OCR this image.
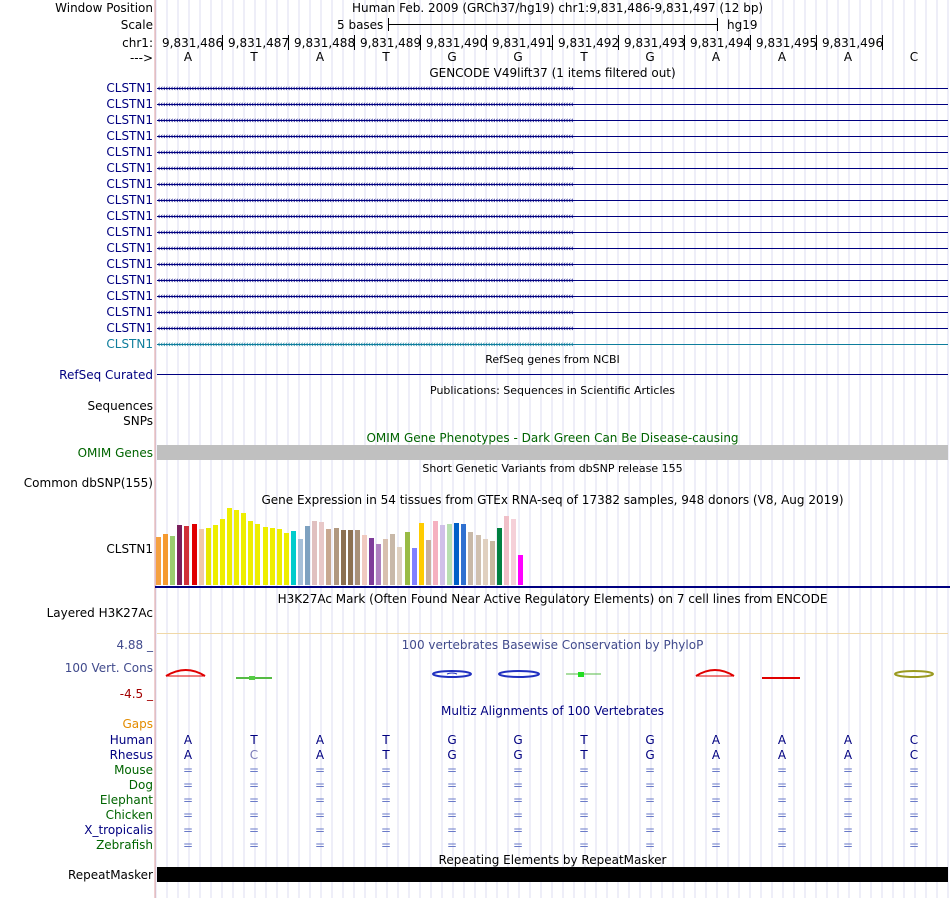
Window Position
Scale
chr1:
--->
Human Feb. 2009 (GRCh37/hg19) chr1:9,831,486-9,831,497 (12 bp)
5 bases	hg19
9,831,486 9,831,487 9,831,488 9,831,489 9,831,490 9,831,491 9,831,492 9,831,493 9,831,494 9,831,495 9,831,496
A	T	A	T	G	G	T	G	A	A	A	C
GENCODE V49lift37 (1 items filtered out)
CLSTN1 ‹‹‹‹‹‹‹‹‹‹‹‹‹‹‹‹‹‹‹‹‹‹‹‹‹‹‹‹‹‹‹‹‹‹‹‹‹‹‹‹‹‹‹‹‹‹‹‹‹‹‹‹‹‹‹‹‹‹‹‹‹‹‹‹‹‹‹‹‹‹‹‹‹‹‹‹‹‹‹‹‹‹‹‹‹‹‹‹‹‹‹‹‹‹‹‹‹‹‹‹‹‹‹‹‹‹‹‹‹‹‹‹‹‹‹‹‹‹‹‹‹‹‹‹‹‹‹‹‹‹‹‹‹‹‹‹‹‹‹‹‹‹‹‹‹‹‹‹‹‹‹‹‹‹‹‹‹‹‹‹
CLSTN1 ‹‹‹‹‹‹‹‹‹‹‹‹‹‹‹‹‹‹‹‹‹‹‹‹‹‹‹‹‹‹‹‹‹‹‹‹‹‹‹‹‹‹‹‹‹‹‹‹‹‹‹‹‹‹‹‹‹‹‹‹‹‹‹‹‹‹‹‹‹‹‹‹‹‹‹‹‹‹‹‹‹‹‹‹‹‹‹‹‹‹‹‹‹‹‹‹‹‹‹‹‹‹‹‹‹‹‹‹‹‹‹‹‹‹‹‹‹‹‹‹‹‹‹‹‹‹‹‹‹‹‹‹‹‹‹‹‹‹‹‹‹‹‹‹‹‹‹‹‹‹‹‹‹‹‹‹‹‹‹‹
CLSTN1 ‹‹‹‹‹‹‹‹‹‹‹‹‹‹‹‹‹‹‹‹‹‹‹‹‹‹‹‹‹‹‹‹‹‹‹‹‹‹‹‹‹‹‹‹‹‹‹‹‹‹‹‹‹‹‹‹‹‹‹‹‹‹‹‹‹‹‹‹‹‹‹‹‹‹‹‹‹‹‹‹‹‹‹‹‹‹‹‹‹‹‹‹‹‹‹‹‹‹‹‹‹‹‹‹‹‹‹‹‹‹‹‹‹‹‹‹‹‹‹‹‹‹‹‹‹‹‹‹‹‹‹‹‹‹‹‹‹‹‹‹‹‹‹‹‹‹‹‹‹‹‹‹‹‹‹‹‹‹‹‹
CLSTN1 ‹‹‹‹‹‹‹‹‹‹‹‹‹‹‹‹‹‹‹‹‹‹‹‹‹‹‹‹‹‹‹‹‹‹‹‹‹‹‹‹‹‹‹‹‹‹‹‹‹‹‹‹‹‹‹‹‹‹‹‹‹‹‹‹‹‹‹‹‹‹‹‹‹‹‹‹‹‹‹‹‹‹‹‹‹‹‹‹‹‹‹‹‹‹‹‹‹‹‹‹‹‹‹‹‹‹‹‹‹‹‹‹‹‹‹‹‹‹‹‹‹‹‹‹‹‹‹‹‹‹‹‹‹‹‹‹‹‹‹‹‹‹‹‹‹‹‹‹‹‹‹‹‹‹‹‹‹‹‹‹
CLSTN1 ‹‹‹‹‹‹‹‹‹‹‹‹‹‹‹‹‹‹‹‹‹‹‹‹‹‹‹‹‹‹‹‹‹‹‹‹‹‹‹‹‹‹‹‹‹‹‹‹‹‹‹‹‹‹‹‹‹‹‹‹‹‹‹‹‹‹‹‹‹‹‹‹‹‹‹‹‹‹‹‹‹‹‹‹‹‹‹‹‹‹‹‹‹‹‹‹‹‹‹‹‹‹‹‹‹‹‹‹‹‹‹‹‹‹‹‹‹‹‹‹‹‹‹‹‹‹‹‹‹‹‹‹‹‹‹‹‹‹‹‹‹‹‹‹‹‹‹‹‹‹‹‹‹‹‹‹‹‹‹‹
CLSTN1 ‹‹‹‹‹‹‹‹‹‹‹‹‹‹‹‹‹‹‹‹‹‹‹‹‹‹‹‹‹‹‹‹‹‹‹‹‹‹‹‹‹‹‹‹‹‹‹‹‹‹‹‹‹‹‹‹‹‹‹‹‹‹‹‹‹‹‹‹‹‹‹‹‹‹‹‹‹‹‹‹‹‹‹‹‹‹‹‹‹‹‹‹‹‹‹‹‹‹‹‹‹‹‹‹‹‹‹‹‹‹‹‹‹‹‹‹‹‹‹‹‹‹‹‹‹‹‹‹‹‹‹‹‹‹‹‹‹‹‹‹‹‹‹‹‹‹‹‹‹‹‹‹‹‹‹‹‹‹‹‹
CLSTN1 ‹‹‹‹‹‹‹‹‹‹‹‹‹‹‹‹‹‹‹‹‹‹‹‹‹‹‹‹‹‹‹‹‹‹‹‹‹‹‹‹‹‹‹‹‹‹‹‹‹‹‹‹‹‹‹‹‹‹‹‹‹‹‹‹‹‹‹‹‹‹‹‹‹‹‹‹‹‹‹‹‹‹‹‹‹‹‹‹‹‹‹‹‹‹‹‹‹‹‹‹‹‹‹‹‹‹‹‹‹‹‹‹‹‹‹‹‹‹‹‹‹‹‹‹‹‹‹‹‹‹‹‹‹‹‹‹‹‹‹‹‹‹‹‹‹‹‹‹‹‹‹‹‹‹‹‹‹‹‹‹
CLSTN1 ‹‹‹‹‹‹‹‹‹‹‹‹‹‹‹‹‹‹‹‹‹‹‹‹‹‹‹‹‹‹‹‹‹‹‹‹‹‹‹‹‹‹‹‹‹‹‹‹‹‹‹‹‹‹‹‹‹‹‹‹‹‹‹‹‹‹‹‹‹‹‹‹‹‹‹‹‹‹‹‹‹‹‹‹‹‹‹‹‹‹‹‹‹‹‹‹‹‹‹‹‹‹‹‹‹‹‹‹‹‹‹‹‹‹‹‹‹‹‹‹‹‹‹‹‹‹‹‹‹‹‹‹‹‹‹‹‹‹‹‹‹‹‹‹‹‹‹‹‹‹‹‹‹‹‹‹‹‹‹‹
CLSTN1 ‹‹‹‹‹‹‹‹‹‹‹‹‹‹‹‹‹‹‹‹‹‹‹‹‹‹‹‹‹‹‹‹‹‹‹‹‹‹‹‹‹‹‹‹‹‹‹‹‹‹‹‹‹‹‹‹‹‹‹‹‹‹‹‹‹‹‹‹‹‹‹‹‹‹‹‹‹‹‹‹‹‹‹‹‹‹‹‹‹‹‹‹‹‹‹‹‹‹‹‹‹‹‹‹‹‹‹‹‹‹‹‹‹‹‹‹‹‹‹‹‹‹‹‹‹‹‹‹‹‹‹‹‹‹‹‹‹‹‹‹‹‹‹‹‹‹‹‹‹‹‹‹‹‹‹‹‹‹‹‹
CLSTN1 ‹‹‹‹‹‹‹‹‹‹‹‹‹‹‹‹‹‹‹‹‹‹‹‹‹‹‹‹‹‹‹‹‹‹‹‹‹‹‹‹‹‹‹‹‹‹‹‹‹‹‹‹‹‹‹‹‹‹‹‹‹‹‹‹‹‹‹‹‹‹‹‹‹‹‹‹‹‹‹‹‹‹‹‹‹‹‹‹‹‹‹‹‹‹‹‹‹‹‹‹‹‹‹‹‹‹‹‹‹‹‹‹‹‹‹‹‹‹‹‹‹‹‹‹‹‹‹‹‹‹‹‹‹‹‹‹‹‹‹‹‹‹‹‹‹‹‹‹‹‹‹‹‹‹‹‹‹‹‹‹
CLSTN1 ‹‹‹‹‹‹‹‹‹‹‹‹‹‹‹‹‹‹‹‹‹‹‹‹‹‹‹‹‹‹‹‹‹‹‹‹‹‹‹‹‹‹‹‹‹‹‹‹‹‹‹‹‹‹‹‹‹‹‹‹‹‹‹‹‹‹‹‹‹‹‹‹‹‹‹‹‹‹‹‹‹‹‹‹‹‹‹‹‹‹‹‹‹‹‹‹‹‹‹‹‹‹‹‹‹‹‹‹‹‹‹‹‹‹‹‹‹‹‹‹‹‹‹‹‹‹‹‹‹‹‹‹‹‹‹‹‹‹‹‹‹‹‹‹‹‹‹‹‹‹‹‹‹‹‹‹‹‹‹‹
CLSTN1 ‹‹‹‹‹‹‹‹‹‹‹‹‹‹‹‹‹‹‹‹‹‹‹‹‹‹‹‹‹‹‹‹‹‹‹‹‹‹‹‹‹‹‹‹‹‹‹‹‹‹‹‹‹‹‹‹‹‹‹‹‹‹‹‹‹‹‹‹‹‹‹‹‹‹‹‹‹‹‹‹‹‹‹‹‹‹‹‹‹‹‹‹‹‹‹‹‹‹‹‹‹‹‹‹‹‹‹‹‹‹‹‹‹‹‹‹‹‹‹‹‹‹‹‹‹‹‹‹‹‹‹‹‹‹‹‹‹‹‹‹‹‹‹‹‹‹‹‹‹‹‹‹‹‹‹‹‹‹‹‹
CLSTN1 ‹‹‹‹‹‹‹‹‹‹‹‹‹‹‹‹‹‹‹‹‹‹‹‹‹‹‹‹‹‹‹‹‹‹‹‹‹‹‹‹‹‹‹‹‹‹‹‹‹‹‹‹‹‹‹‹‹‹‹‹‹‹‹‹‹‹‹‹‹‹‹‹‹‹‹‹‹‹‹‹‹‹‹‹‹‹‹‹‹‹‹‹‹‹‹‹‹‹‹‹‹‹‹‹‹‹‹‹‹‹‹‹‹‹‹‹‹‹‹‹‹‹‹‹‹‹‹‹‹‹‹‹‹‹‹‹‹‹‹‹‹‹‹‹‹‹‹‹‹‹‹‹‹‹‹‹‹‹‹‹
CLSTN1 ‹‹‹‹‹‹‹‹‹‹‹‹‹‹‹‹‹‹‹‹‹‹‹‹‹‹‹‹‹‹‹‹‹‹‹‹‹‹‹‹‹‹‹‹‹‹‹‹‹‹‹‹‹‹‹‹‹‹‹‹‹‹‹‹‹‹‹‹‹‹‹‹‹‹‹‹‹‹‹‹‹‹‹‹‹‹‹‹‹‹‹‹‹‹‹‹‹‹‹‹‹‹‹‹‹‹‹‹‹‹‹‹‹‹‹‹‹‹‹‹‹‹‹‹‹‹‹‹‹‹‹‹‹‹‹‹‹‹‹‹‹‹‹‹‹‹‹‹‹‹‹‹‹‹‹‹‹‹‹‹
CLSTN1 ‹‹‹‹‹‹‹‹‹‹‹‹‹‹‹‹‹‹‹‹‹‹‹‹‹‹‹‹‹‹‹‹‹‹‹‹‹‹‹‹‹‹‹‹‹‹‹‹‹‹‹‹‹‹‹‹‹‹‹‹‹‹‹‹‹‹‹‹‹‹‹‹‹‹‹‹‹‹‹‹‹‹‹‹‹‹‹‹‹‹‹‹‹‹‹‹‹‹‹‹‹‹‹‹‹‹‹‹‹‹‹‹‹‹‹‹‹‹‹‹‹‹‹‹‹‹‹‹‹‹‹‹‹‹‹‹‹‹‹‹‹‹‹‹‹‹‹‹‹‹‹‹‹‹‹‹‹‹‹‹
CLSTN1 ‹‹‹‹‹‹‹‹‹‹‹‹‹‹‹‹‹‹‹‹‹‹‹‹‹‹‹‹‹‹‹‹‹‹‹‹‹‹‹‹‹‹‹‹‹‹‹‹‹‹‹‹‹‹‹‹‹‹‹‹‹‹‹‹‹‹‹‹‹‹‹‹‹‹‹‹‹‹‹‹‹‹‹‹‹‹‹‹‹‹‹‹‹‹‹‹‹‹‹‹‹‹‹‹‹‹‹‹‹‹‹‹‹‹‹‹‹‹‹‹‹‹‹‹‹‹‹‹‹‹‹‹‹‹‹‹‹‹‹‹‹‹‹‹‹‹‹‹‹‹‹‹‹‹‹‹‹‹‹‹
CLSTN1 ‹‹‹‹‹‹‹‹‹‹‹‹‹‹‹‹‹‹‹‹‹‹‹‹‹‹‹‹‹‹‹‹‹‹‹‹‹‹‹‹‹‹‹‹‹‹‹‹‹‹‹‹‹‹‹‹‹‹‹‹‹‹‹‹‹‹‹‹‹‹‹‹‹‹‹‹‹‹‹‹‹‹‹‹‹‹‹‹‹‹‹‹‹‹‹‹‹‹‹‹‹‹‹‹‹‹‹‹‹‹‹‹‹‹‹‹‹‹‹‹‹‹‹‹‹‹‹‹‹‹‹‹‹‹‹‹‹‹‹‹‹‹‹‹‹‹‹‹‹‹‹‹‹‹‹‹‹‹‹‹
RefSeq genes from NCBI
RefSeq Curated
Publications: Sequences in Scientific Articles
Sequences
SNPs
OMIM Gene Phenotypes - Dark Green Can Be Disease-causing
OMIM Genes
Short Genetic Variants from dbSNP release 155
Common dbSNP(155)
Gene Expression in 54 tissues from GTEx RNA-seq of 17382 samples, 948 donors (V8, Aug 2019)
CLSTN1
H3K27Ac Mark (Often Found Near Active Regulatory Elements) on 7 cell lines from ENCODE
Layered H3K27Ac
100 vertebrates Basewise Conservation by PhyloP
4.88 _
100 Vert. Cons
-4.5 _
Gaps
Multiz Alignments of 100 Vertebrates
Human	A	T	A	T	G	G	T	G	A	A	A	C
Rhesus	A	C	A	T	G	G	T	G	A	A	A	C
Mouse	=	=	=	=	=	=	=	=	=	=	=	=
Dog	=	=	=	=	=	=	=	=	=	=	=	=
Elephant	=	=	=	=	=	=	=	=	=	=	=	=
Chicken	=	=	=	=	=	=	=	=	=	=	=	=
X_tropicalis	=	=	=	=	=	=	=	=	=	=	=	=
Zebrafish	=	=	=	=	=	=	=	=	=	=	=	=
Repeating Elements by RepeatMasker
RepeatMasker
